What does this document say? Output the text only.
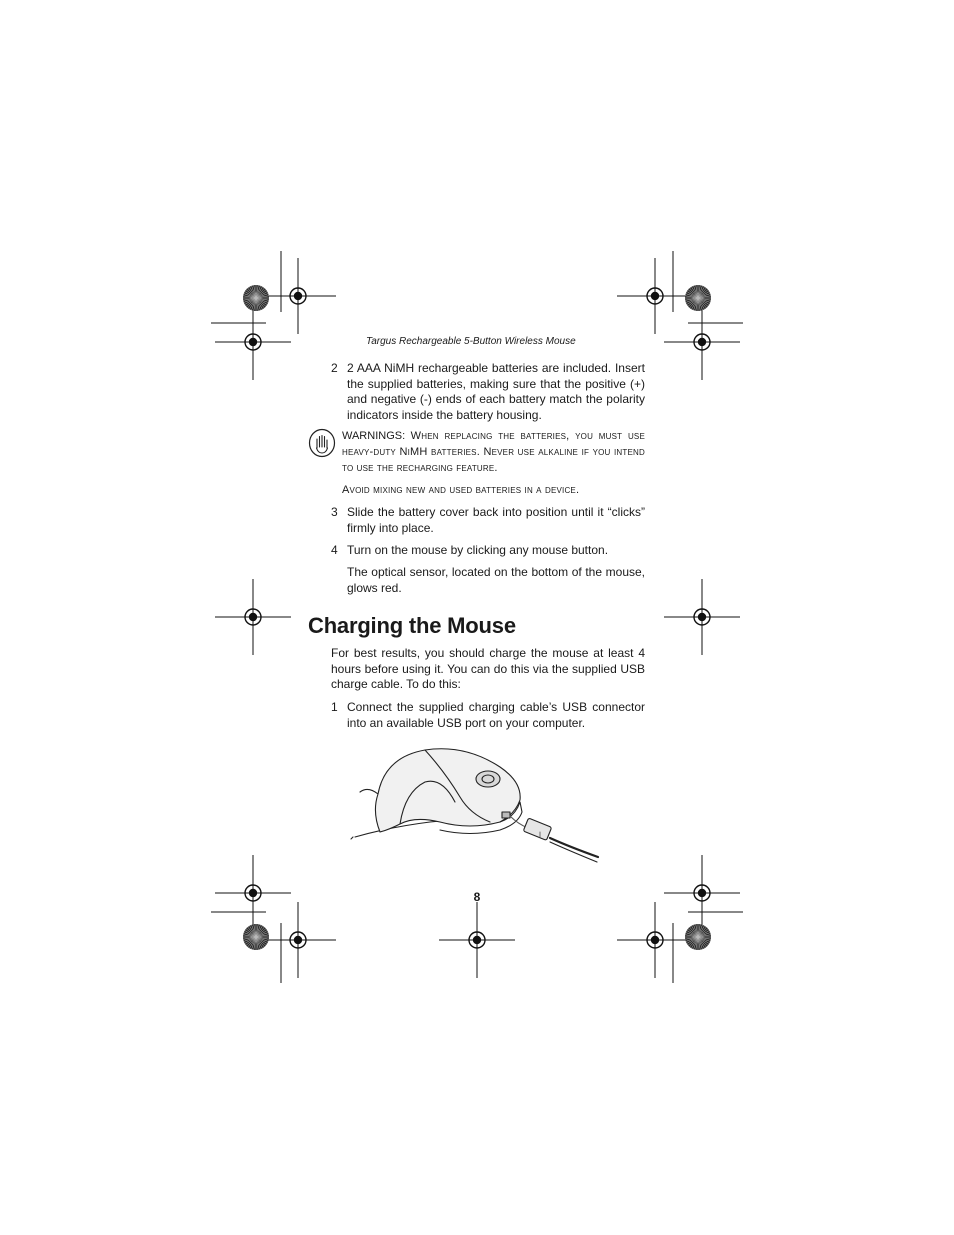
Targus Rechargeable 5-Button Wireless Mouse
2 2 AAA NiMH rechargeable batteries are included. Insert the supplied batteries, making sure that the positive (+) and negative (-) ends of each battery match the polarity indicators inside the battery housing.
WARNINGS: When replacing the batteries, you must use heavy-duty NiMH batteries. Never use alkaline if you intend to use the recharging feature.
Avoid mixing new and used batteries in a device.
3 Slide the battery cover back into position until it “clicks” firmly into place.
4 Turn on the mouse by clicking any mouse button.
The optical sensor, located on the bottom of the mouse, glows red.
Charging the Mouse
For best results, you should charge the mouse at least 4 hours before using it. You can do this via the supplied USB charge cable. To do this:
1 Connect the supplied charging cable’s USB connector into an available USB port on your computer.
8
